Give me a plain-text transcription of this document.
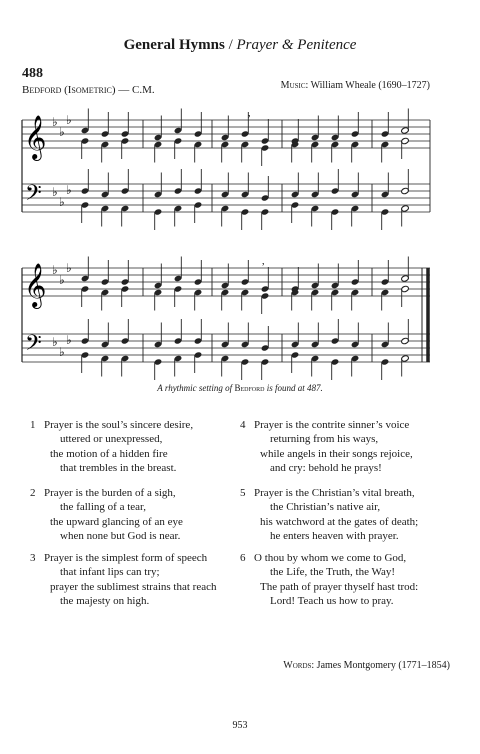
General Hymns / Prayer & Penitence
488
Bedford (Isometric) — C.M.	Music: William Wheale (1690–1727)
𝄞
𝄢
♭
♭
♭
♭
♭
♭
,
𝄞
𝄢
♭
♭
♭
♭
♭
♭
,
A rhythmic setting of Bedford is found at 487.
1 Prayer is the soul’s sincere desire,
uttered or unexpressed,
the motion of a hidden fire
that trembles in the breast.
2 Prayer is the burden of a sigh,
the falling of a tear,
the upward glancing of an eye
when none but God is near.
3 Prayer is the simplest form of speech
that infant lips can try;
prayer the sublimest strains that reach
the majesty on high.
4 Prayer is the contrite sinner’s voice
returning from his ways,
while angels in their songs rejoice,
and cry: behold he prays!
5 Prayer is the Christian’s vital breath,
the Christian’s native air,
his watchword at the gates of death;
he enters heaven with prayer.
6 O thou by whom we come to God,
the Life, the Truth, the Way!
The path of prayer thyself hast trod:
Lord! Teach us how to pray.
Words: James Montgomery (1771–1854)
953
